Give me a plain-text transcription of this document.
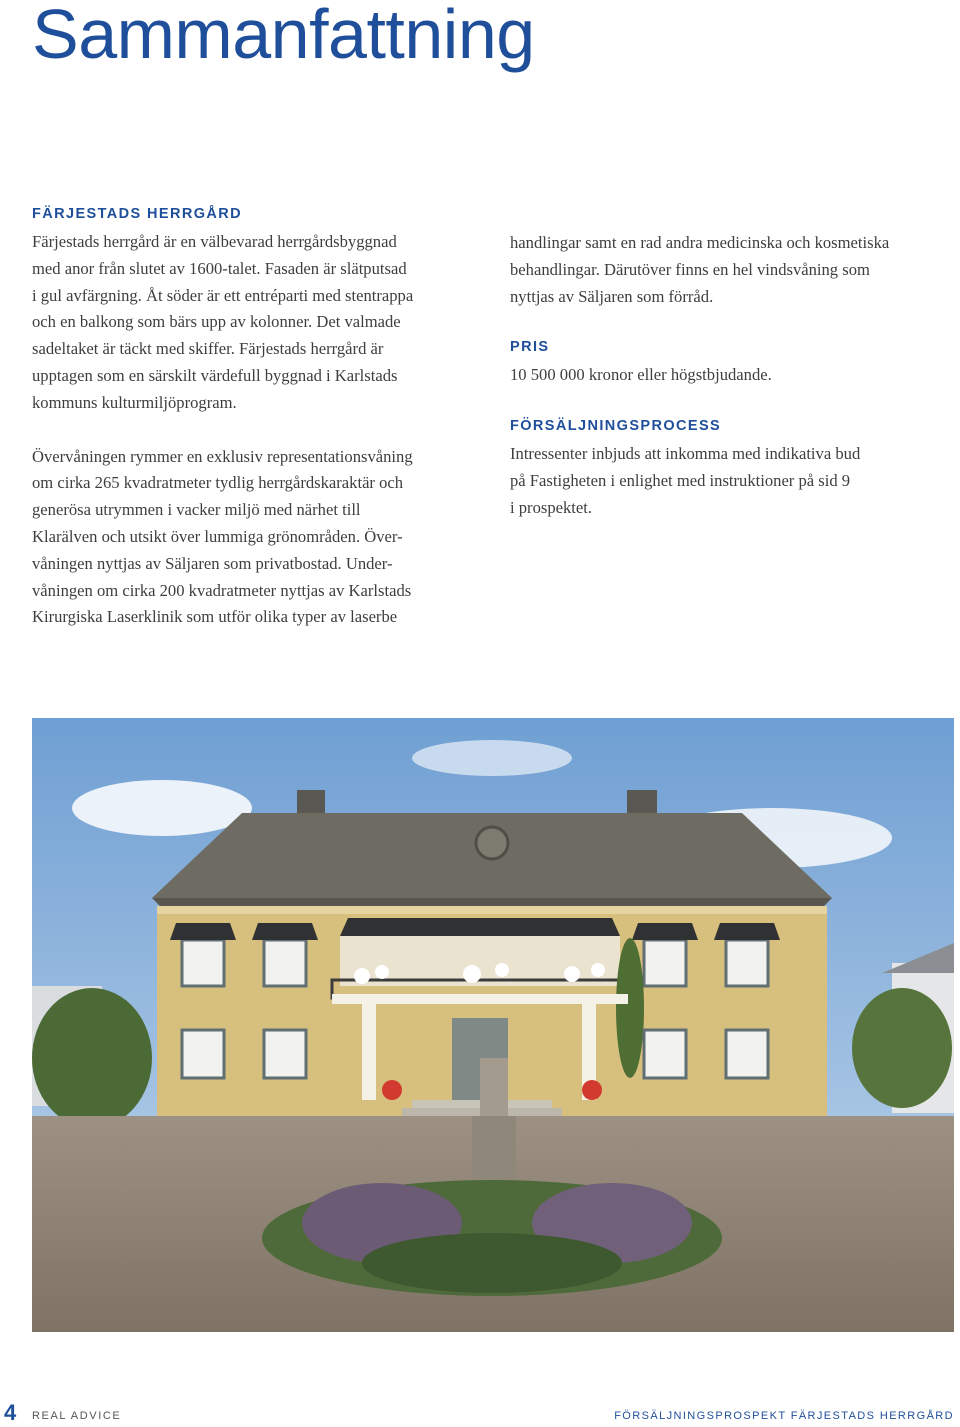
Sammanfattning
FÄRJESTADS HERRGÅRD

Färjestads herrgård är en välbevarad herrgårdsbyggnad
med anor från slutet av 1600-talet. Fasaden är slätputsad
i gul avfärgning. Åt söder är ett entréparti med stentrappa
och en balkong som bärs upp av kolonner. Det valmade
sadeltaket är täckt med skiffer. Färjestads herrgård är
upptagen som en särskilt värdefull byggnad i Karlstads
kommuns kulturmiljöprogram.

Övervåningen rymmer en exklusiv representationsvåning
om cirka 265 kvadratmeter tydlig herrgårdskaraktär och
generösa utrymmen i vacker miljö med närhet till
Klarälven och utsikt över lummiga grönområden. Över-
våningen nyttjas av Säljaren som privatbostad. Under-
våningen om cirka 200 kvadratmeter nyttjas av Karlstads
Kirurgiska Laserklinik som utför olika typer av laserbe

handlingar samt en rad andra medicinska och kosmetiska
behandlingar. Därutöver finns en hel vindsvåning som
nyttjas av Säljaren som förråd.

PRIS

10 500 000 kronor eller högstbjudande.

FÖRSÄLJNINGSPROCESS

Intressenter inbjuds att inkomma med indikativa bud
på Fastigheten i enlighet med instruktioner på sid 9
i prospektet.

4 REAL ADVICE	FÖRSÄLJNINGSPROSPEKT FÄRJESTADS HERRGÅRD
